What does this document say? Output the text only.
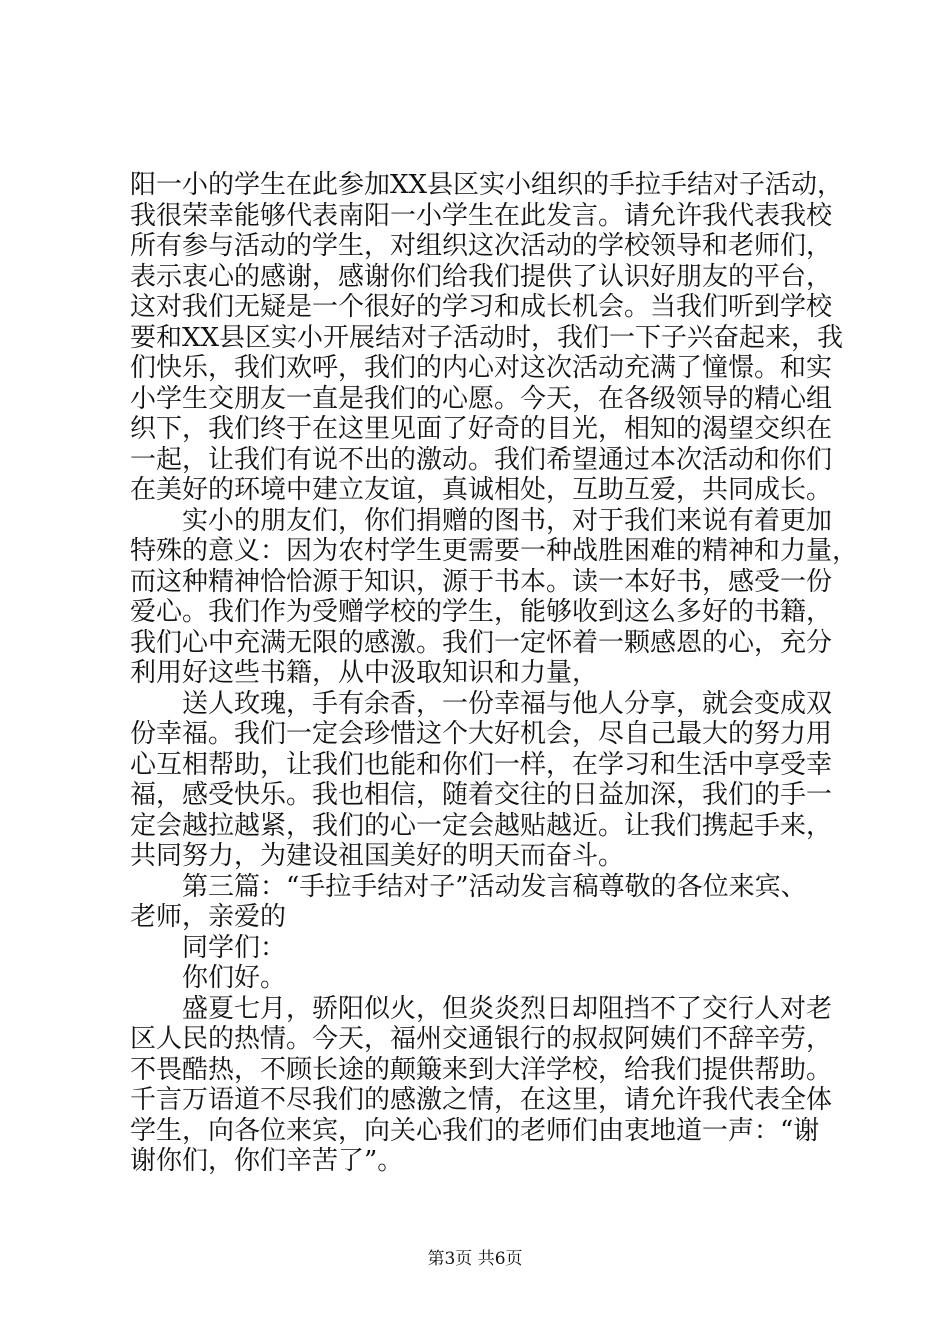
阳一小的学生在此参加XX县区实小组织的手拉手结对子活动，
我很荣幸能够代表南阳一小学生在此发言。请允许我代表我校
所有参与活动的学生，对组织这次活动的学校领导和老师们，
表示衷心的感谢，感谢你们给我们提供了认识好朋友的平台，
这对我们无疑是一个很好的学习和成长机会。当我们听到学校
要和XX县区实小开展结对子活动时，我们一下子兴奋起来，我
们快乐，我们欢呼，我们的内心对这次活动充满了憧憬。和实
小学生交朋友一直是我们的心愿。今天，在各级领导的精心组
织下，我们终于在这里见面了好奇的目光，相知的渴望交织在
一起，让我们有说不出的激动。我们希望通过本次活动和你们
在美好的环境中建立友谊，真诚相处，互助互爱，共同成长。
实小的朋友们，你们捐赠的图书，对于我们来说有着更加
特殊的意义：因为农村学生更需要一种战胜困难的精神和力量，
而这种精神恰恰源于知识，源于书本。读一本好书，感受一份
爱心。我们作为受赠学校的学生，能够收到这么多好的书籍，
我们心中充满无限的感激。我们一定怀着一颗感恩的心，充分
利用好这些书籍，从中汲取知识和力量，
送人玫瑰，手有余香，一份幸福与他人分享，就会变成双
份幸福。我们一定会珍惜这个大好机会，尽自己最大的努力用
心互相帮助，让我们也能和你们一样，在学习和生活中享受幸
福，感受快乐。我也相信，随着交往的日益加深，我们的手一
定会越拉越紧，我们的心一定会越贴越近。让我们携起手来，
共同努力，为建设祖国美好的明天而奋斗。
第三篇：“手拉手结对子”活动发言稿尊敬的各位来宾、
老师，亲爱的
同学们：
你们好。
盛夏七月，骄阳似火，但炎炎烈日却阻挡不了交行人对老
区人民的热情。今天，福州交通银行的叔叔阿姨们不辞辛劳，
不畏酷热，不顾长途的颠簸来到大洋学校，给我们提供帮助。
千言万语道不尽我们的感激之情，在这里，请允许我代表全体
学生，向各位来宾，向关心我们的老师们由衷地道一声：“谢
谢你们，你们辛苦了”。
第3页 共6页
